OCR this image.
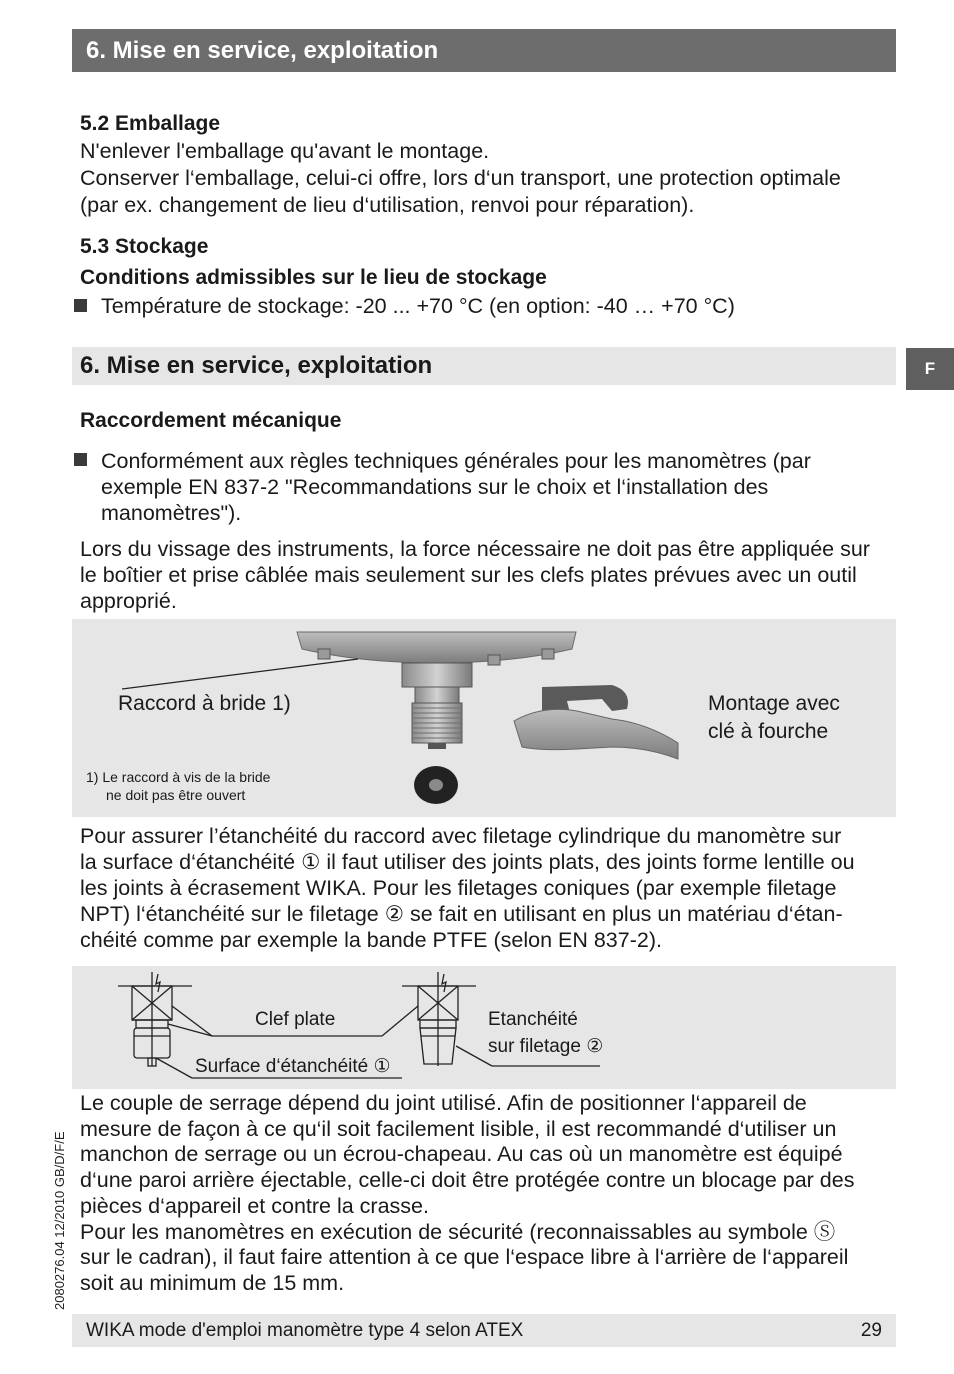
6. Mise en service, exploitation
5.2 Emballage
N'enlever l'emballage qu'avant le montage.
Conserver l‘emballage, celui-ci offre, lors d‘un transport, une protection optimale
(par ex. changement de lieu d‘utilisation, renvoi pour réparation).
5.3 Stockage
Conditions admissibles sur le lieu de stockage
Température de stockage: -20 ... +70 °C (en option: -40 … +70 °C)
6. Mise en service, exploitation	F
Raccordement mécanique
Conformément aux règles techniques générales pour les manomètres (par
exemple EN 837-2 "Recommandations sur le choix et l‘installation des
manomètres").
Lors du vissage des instruments, la force nécessaire ne doit pas être appliquée sur
le boîtier et prise câblée mais seulement sur les clefs plates prévues avec un outil
approprié.
Raccord à bride 1)	Montage avec
clé à fourche
1) Le raccord à vis de la bride
ne doit pas être ouvert
Pour assurer l’étanchéité du raccord avec filetage cylindrique du manomètre sur
la surface d‘étanchéité ① il faut utiliser des joints plats, des joints forme lentille ou
les joints à écrasement WIKA. Pour les filetages coniques (par exemple filetage
NPT) l‘étanchéité sur le filetage ② se fait en utilisant en plus un matériau d‘étan-
chéité comme par exemple la bande PTFE (selon EN 837-2).
Clef plate
Surface d‘étanchéité ①
Etanchéité
sur filetage ②
Le couple de serrage dépend du joint utilisé. Afin de positionner l‘appareil de
mesure de façon à ce qu‘il soit facilement lisible, il est recommandé d‘utiliser un
manchon de serrage ou un écrou-chapeau. Au cas où un manomètre est équipé
d‘une paroi arrière éjectable, celle-ci doit être protégée contre un blocage par des
pièces d‘appareil et contre la crasse.
Pour les manomètres en exécution de sécurité (reconnaissables au symbole Ⓢ
sur le cadran), il faut faire attention à ce que l‘espace libre à l‘arrière de l‘appareil
soit au minimum de 15 mm.
2080276.04 12/2010 GB/D/F/E
WIKA mode d'emploi manomètre type 4 selon ATEX	29
